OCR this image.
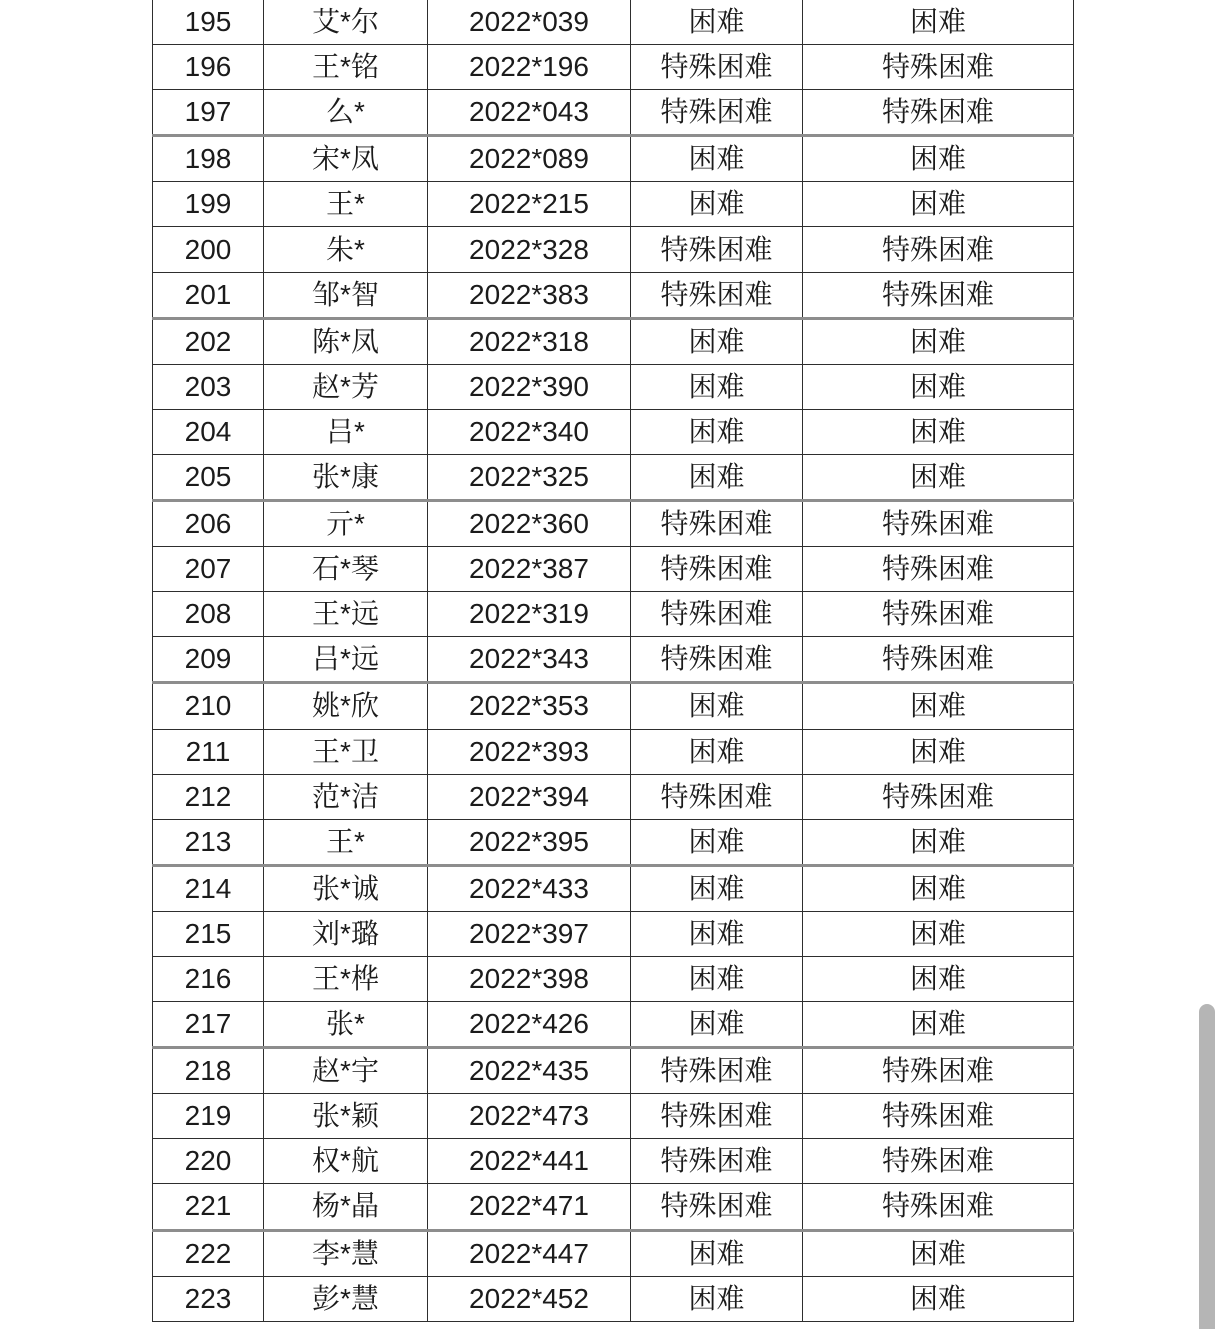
195	艾*尔	2022*039	困难	困难
196	王*铭	2022*196	特殊困难	特殊困难
197	么*	2022*043	特殊困难	特殊困难
198	宋*凤	2022*089	困难	困难
199	王*	2022*215	困难	困难
200	朱*	2022*328	特殊困难	特殊困难
201	邹*智	2022*383	特殊困难	特殊困难
202	陈*凤	2022*318	困难	困难
203	赵*芳	2022*390	困难	困难
204	吕*	2022*340	困难	困难
205	张*康	2022*325	困难	困难
206	亓*	2022*360	特殊困难	特殊困难
207	石*琴	2022*387	特殊困难	特殊困难
208	王*远	2022*319	特殊困难	特殊困难
209	吕*远	2022*343	特殊困难	特殊困难
210	姚*欣	2022*353	困难	困难
211	王*卫	2022*393	困难	困难
212	范*洁	2022*394	特殊困难	特殊困难
213	王*	2022*395	困难	困难
214	张*诚	2022*433	困难	困难
215	刘*璐	2022*397	困难	困难
216	王*桦	2022*398	困难	困难
217	张*	2022*426	困难	困难
218	赵*宇	2022*435	特殊困难	特殊困难
219	张*颖	2022*473	特殊困难	特殊困难
220	权*航	2022*441	特殊困难	特殊困难
221	杨*晶	2022*471	特殊困难	特殊困难
222	李*慧	2022*447	困难	困难
223	彭*慧	2022*452	困难	困难
